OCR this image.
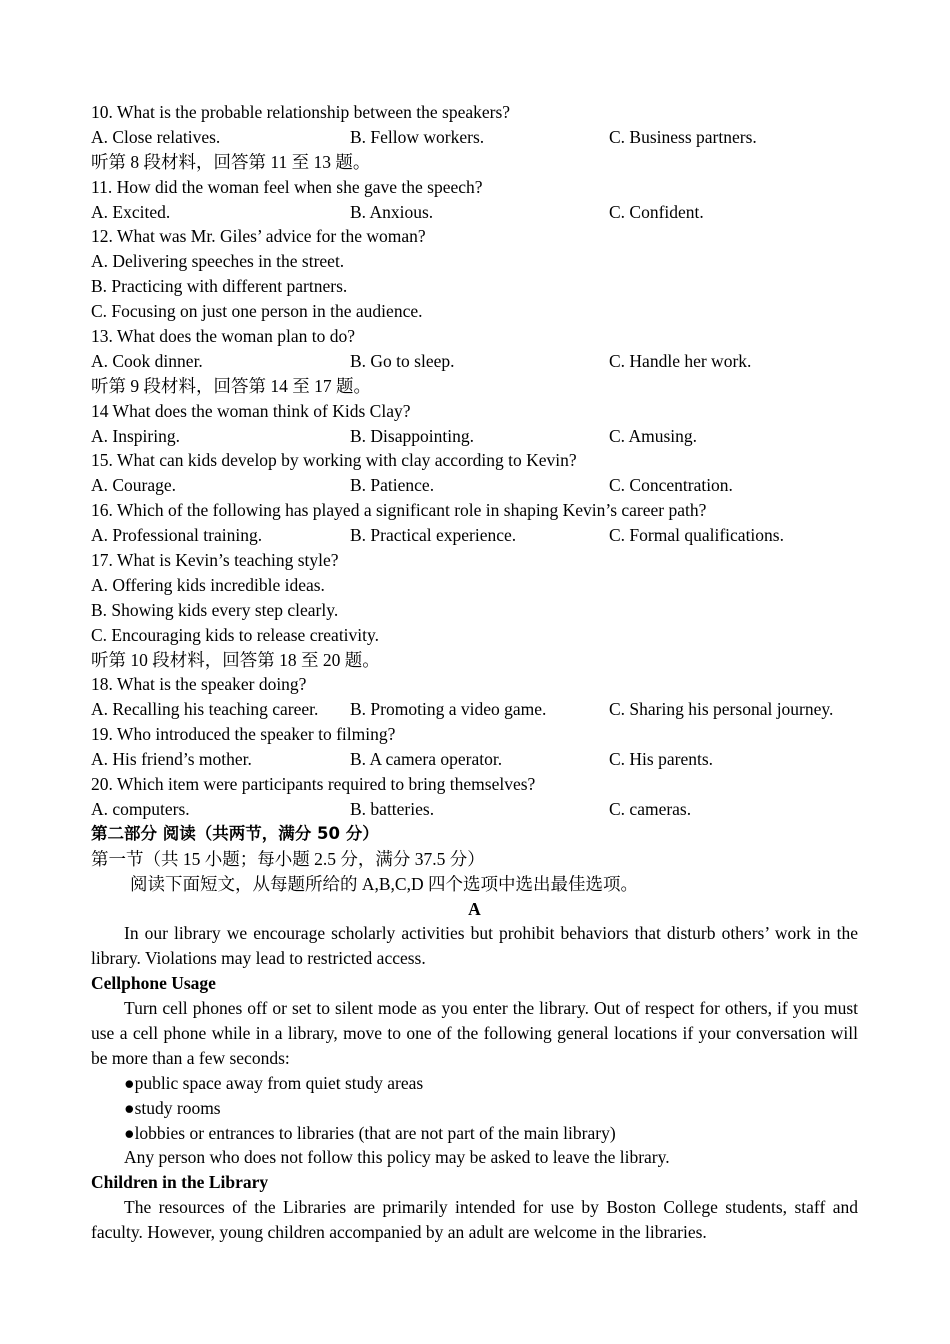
10. What is the probable relationship between the speakers?
A. Close relatives.	B. Fellow workers.	C. Business partners.
听第 8 段材料，回答第 11 至 13 题。
11. How did the woman feel when she gave the speech?
A. Excited.	B. Anxious.	C. Confident.
12. What was Mr. Giles’ advice for the woman?
A. Delivering speeches in the street.
B. Practicing with different partners.
C. Focusing on just one person in the audience.
13. What does the woman plan to do?
A. Cook dinner.	B. Go to sleep.	C. Handle her work.
听第 9 段材料，回答第 14 至 17 题。
14 What does the woman think of Kids Clay?
A. Inspiring.	B. Disappointing.	C. Amusing.
15. What can kids develop by working with clay according to Kevin?
A. Courage.	B. Patience.	C. Concentration.
16. Which of the following has played a significant role in shaping Kevin’s career path?
A. Professional training.	B. Practical experience.	C. Formal qualifications.
17. What is Kevin’s teaching style?
A. Offering kids incredible ideas.
B. Showing kids every step clearly.
C. Encouraging kids to release creativity.
听第 10 段材料，回答第 18 至 20 题。
18. What is the speaker doing?
A. Recalling his teaching career.	B. Promoting a video game.	C. Sharing his personal journey.
19. Who introduced the speaker to filming?
A. His friend’s mother.	B. A camera operator.	C. His parents.
20. Which item were participants required to bring themselves?
A. computers.	B. batteries.	C. cameras.
第二部分 阅读（共两节，满分 50 分）
第一节（共 15 小题；每小题 2.5 分，满分 37.5 分）
阅读下面短文，从每题所给的 A,B,C,D 四个选项中选出最佳选项。
A
In our library we encourage scholarly activities but prohibit behaviors that disturb others’ work in the library. Violations may lead to restricted access.
Cellphone Usage
Turn cell phones off or set to silent mode as you enter the library. Out of respect for others, if you must use a cell phone while in a library, move to one of the following general locations if your conversation will be more than a few seconds:
●public space away from quiet study areas
●study rooms
●lobbies or entrances to libraries (that are not part of the main library)
Any person who does not follow this policy may be asked to leave the library.
Children in the Library
The resources of the Libraries are primarily intended for use by Boston College students, staff and faculty. However, young children accompanied by an adult are welcome in the libraries.
